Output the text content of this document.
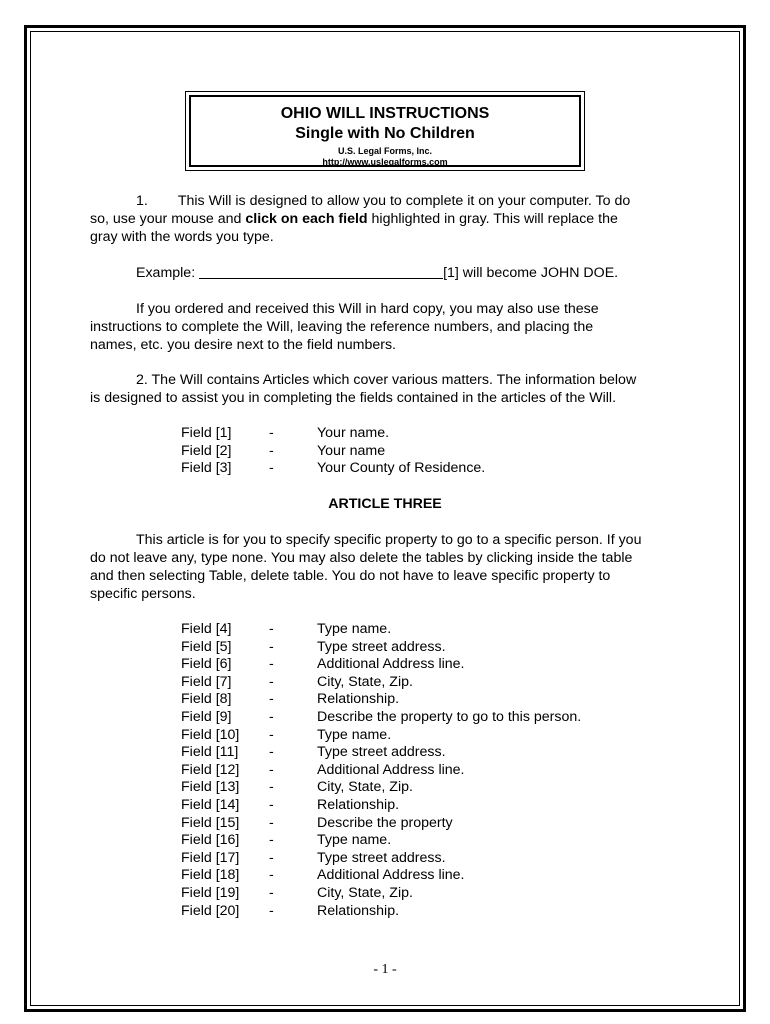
OHIO WILL INSTRUCTIONS
Single with No Children
U.S. Legal Forms, Inc.
http://www.uslegalforms.com
1. This Will is designed to allow you to complete it on your computer. To do
so, use your mouse and click on each field highlighted in gray. This will replace the
gray with the words you type.
Example:	[1] will become JOHN DOE.
If you ordered and received this Will in hard copy, you may also use these
instructions to complete the Will, leaving the reference numbers, and placing the
names, etc. you desire next to the field numbers.
2. The Will contains Articles which cover various matters. The information below
is designed to assist you in completing the fields contained in the articles of the Will.
Field [1]	-	Your name.
Field [2]	-	Your name
Field [3]	-	Your County of Residence.
ARTICLE THREE
This article is for you to specify specific property to go to a specific person. If you
do not leave any, type none. You may also delete the tables by clicking inside the table
and then selecting Table, delete table. You do not have to leave specific property to
specific persons.
Field [4]	-	Type name.
Field [5]	-	Type street address.
Field [6]	-	Additional Address line.
Field [7]	-	City, State, Zip.
Field [8]	-	Relationship.
Field [9]	-	Describe the property to go to this person.
Field [10]	-	Type name.
Field [11]	-	Type street address.
Field [12]	-	Additional Address line.
Field [13]	-	City, State, Zip.
Field [14]	-	Relationship.
Field [15]	-	Describe the property
Field [16]	-	Type name.
Field [17]	-	Type street address.
Field [18]	-	Additional Address line.
Field [19]	-	City, State, Zip.
Field [20]	-	Relationship.
- 1 -
